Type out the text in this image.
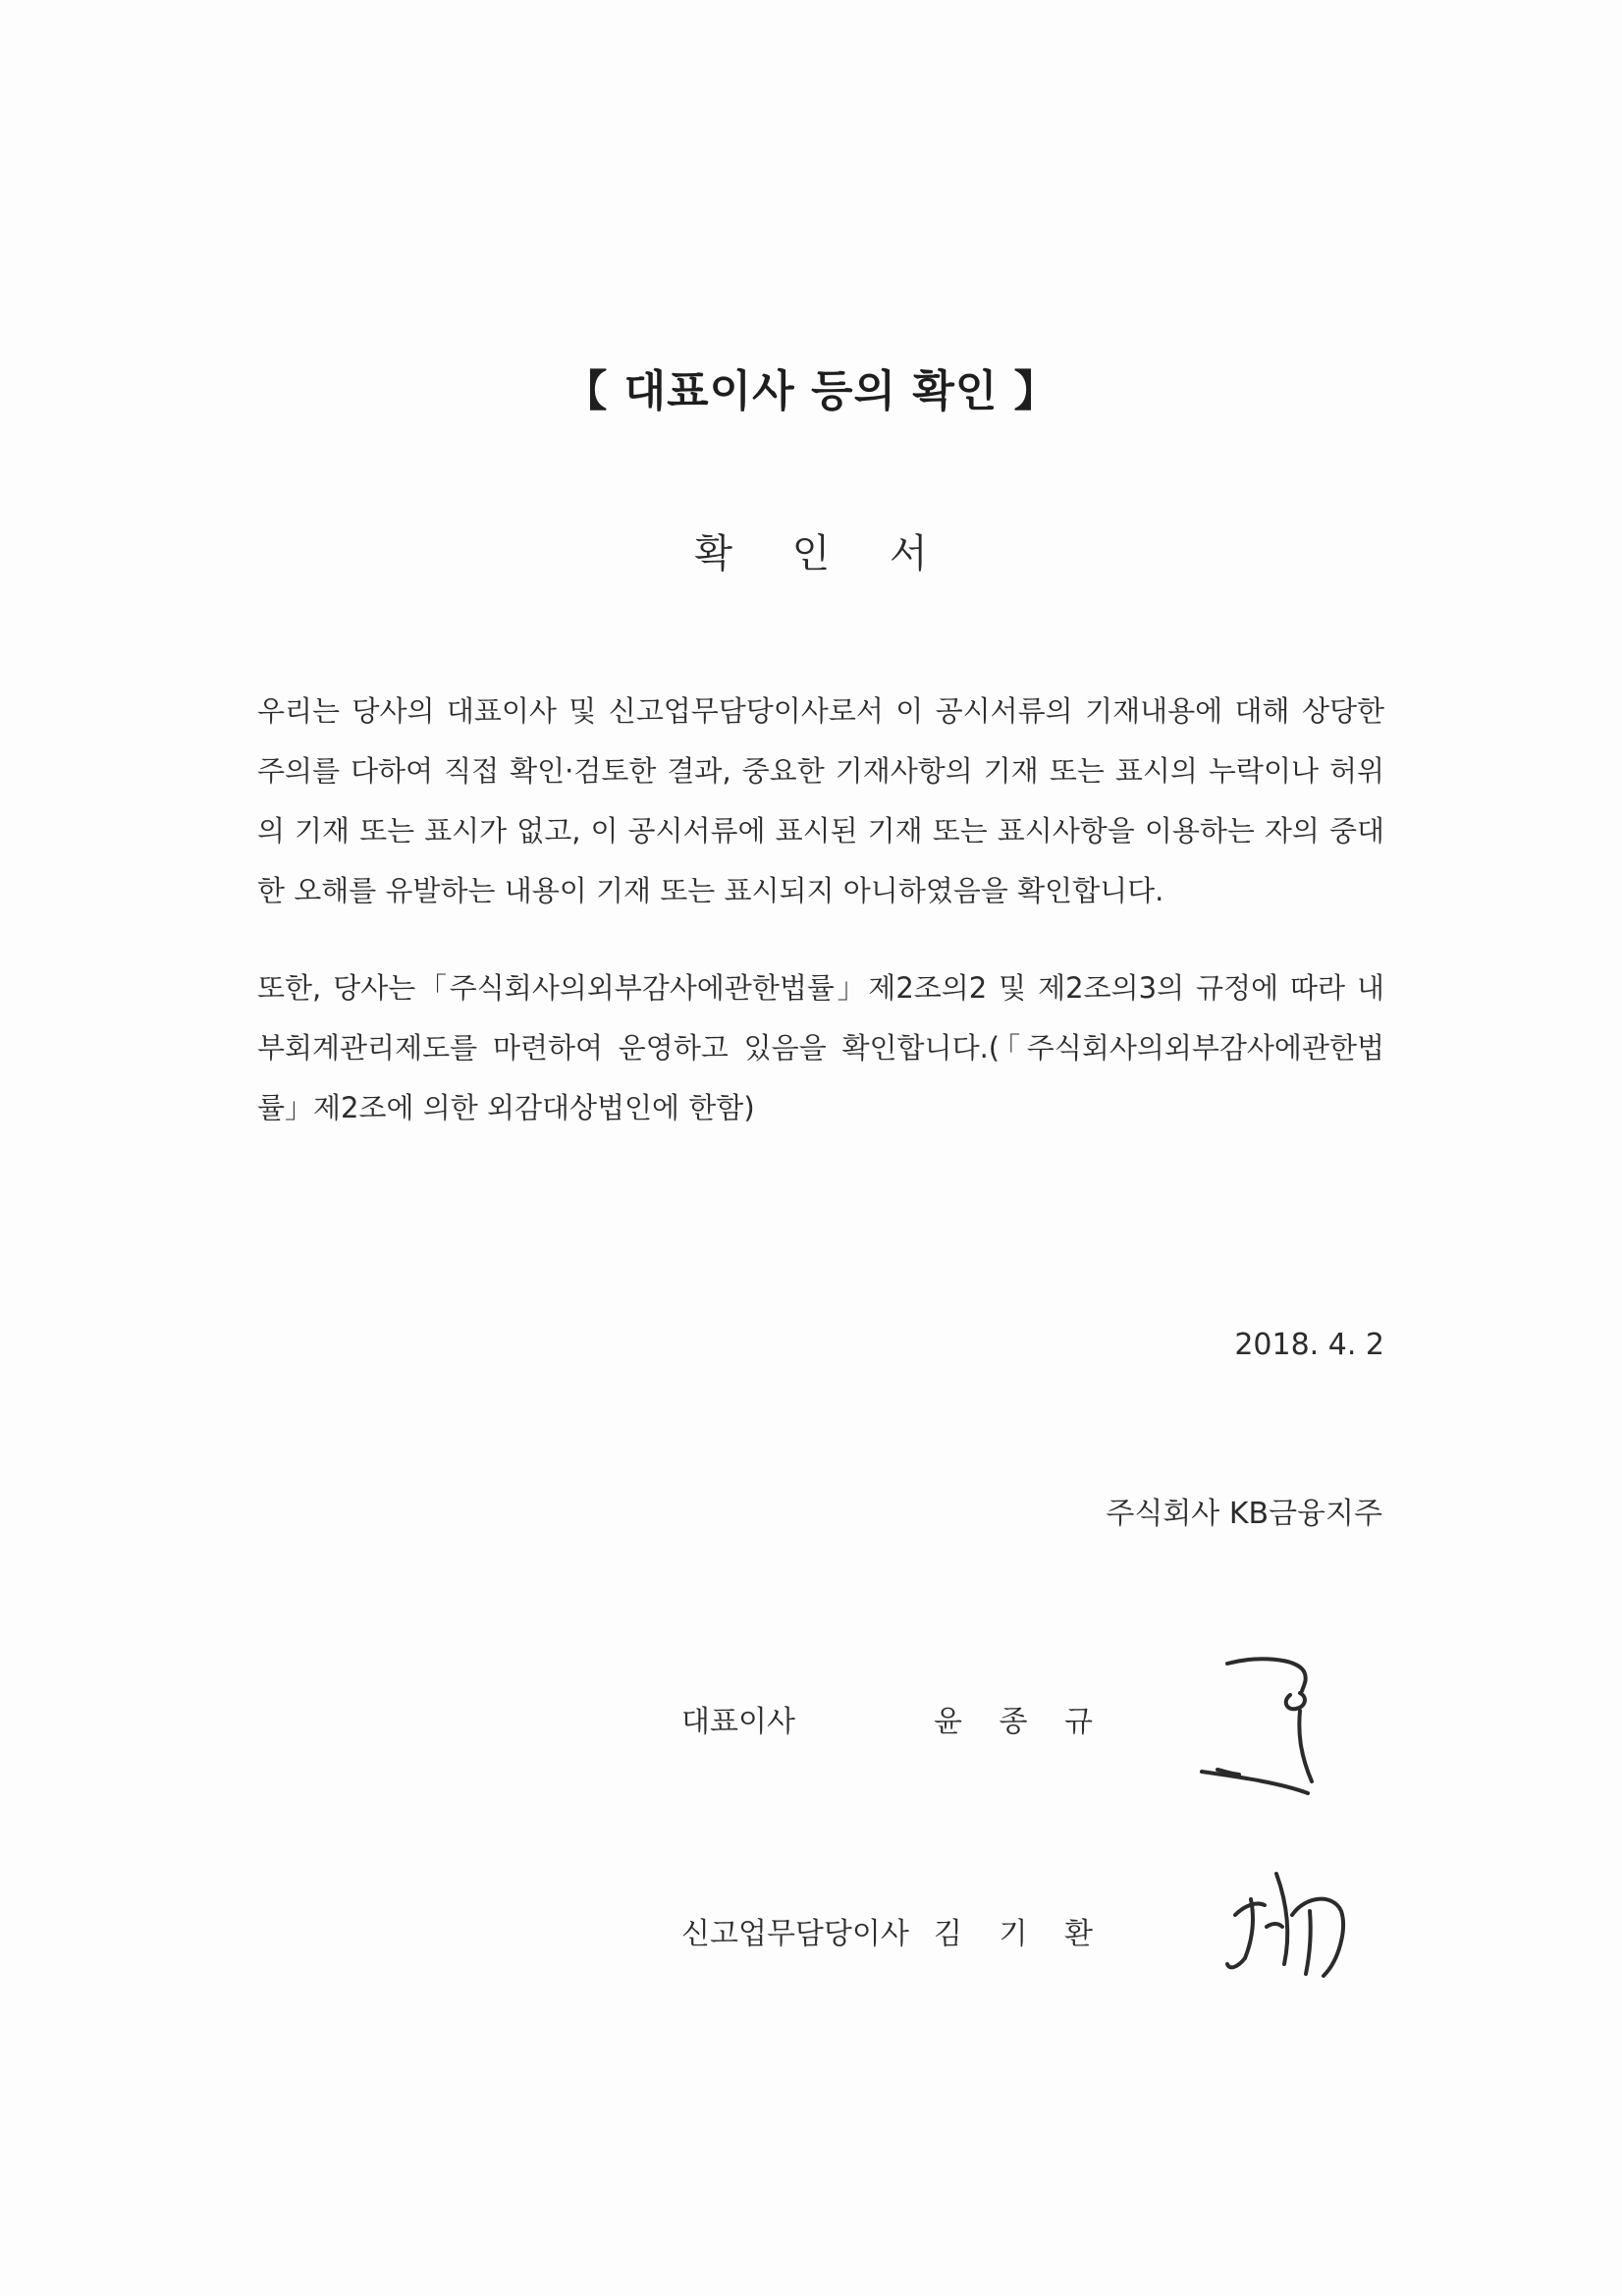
【 대표이사 등의 확인 】
확 인 서
우리는 당사의 대표이사 및 신고업무담당이사로서 이 공시서류의 기재내용에 대해 상당한 주의를 다하여 직접 확인·검토한 결과, 중요한 기재사항의 기재 또는 표시의 누락이나 허위의 기재 또는 표시가 없고, 이 공시서류에 표시된 기재 또는 표시사항을 이용하는 자의 중대한 오해를 유발하는 내용이 기재 또는 표시되지 아니하였음을 확인합니다.
또한, 당사는「주식회사의외부감사에관한법률」제2조의2 및 제2조의3의 규정에 따라 내부회계관리제도를 마련하여 운영하고 있음을 확인합니다.(「주식회사의외부감사에관한법률」제2조에 의한 외감대상법인에 한함)
2018. 4. 2
주식회사 KB금융지주
대표이사	윤 종 규
신고업무담당이사 김 기 환
